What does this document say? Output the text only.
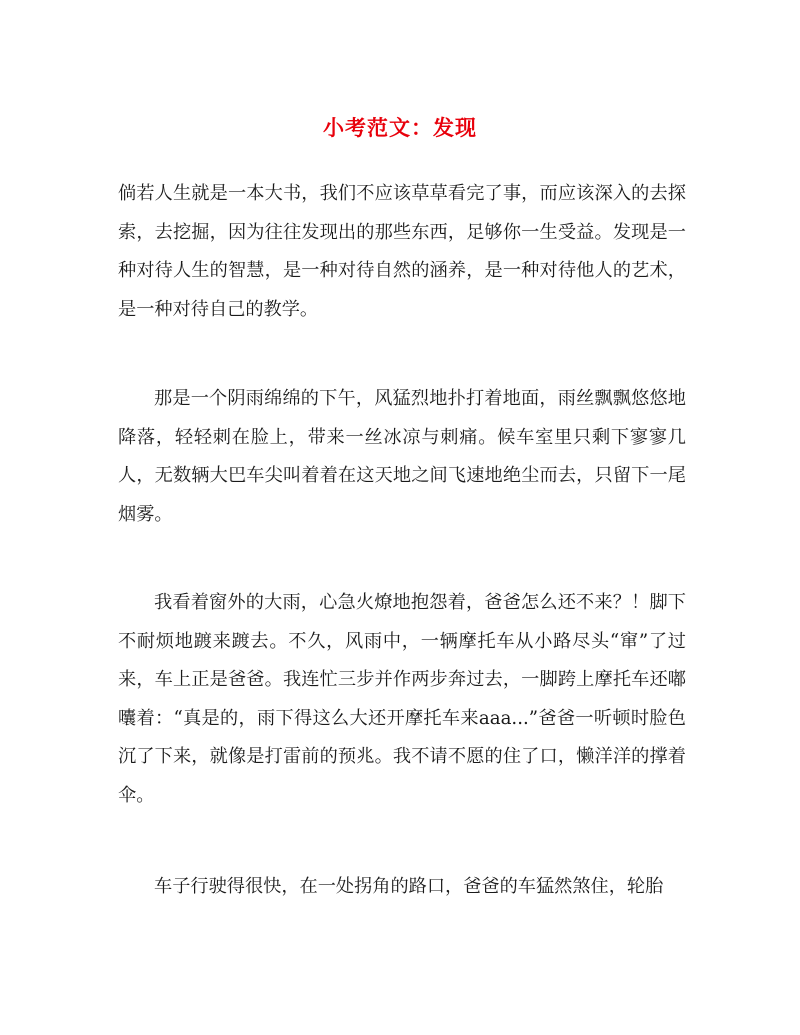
小考范文：发现

倘若人生就是一本大书，我们不应该草草看完了事，而应该深入的去探索，去挖掘，因为往往发现出的那些东西，足够你一生受益。发现是一种对待人生的智慧，是一种对待自然的涵养，是一种对待他人的艺术，是一种对待自己的教学。

那是一个阴雨绵绵的下午，风猛烈地扑打着地面，雨丝飘飘悠悠地降落，轻轻刺在脸上，带来一丝冰凉与刺痛。候车室里只剩下寥寥几人，无数辆大巴车尖叫着着在这天地之间飞速地绝尘而去，只留下一尾烟雾。

我看着窗外的大雨，心急火燎地抱怨着，爸爸怎么还不来？！脚下不耐烦地踱来踱去。不久，风雨中，一辆摩托车从小路尽头“窜”了过来，车上正是爸爸。我连忙三步并作两步奔过去，一脚跨上摩托车还嘟囔着：“真是的，雨下得这么大还开摩托车来aaa...”爸爸一听顿时脸色沉了下来，就像是打雷前的预兆。我不请不愿的住了口，懒洋洋的撑着伞。

车子行驶得很快，在一处拐角的路口，爸爸的车猛然煞住，轮胎
